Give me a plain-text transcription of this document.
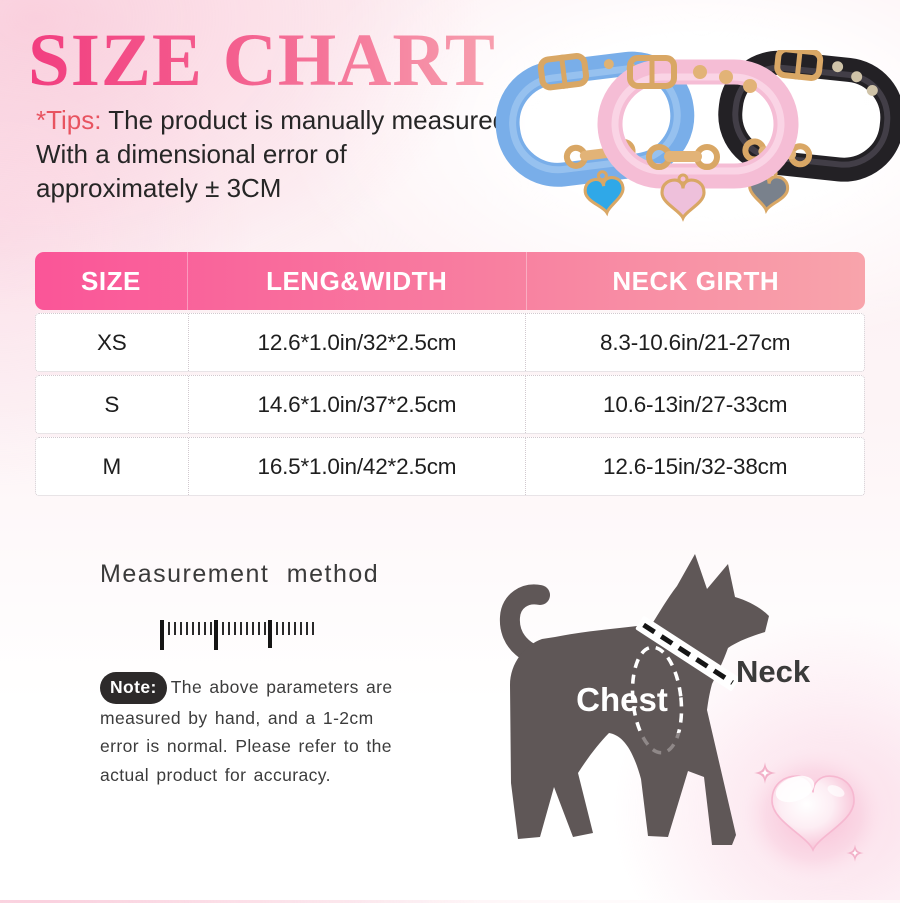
SIZE CHART

*Tips: The product is manually measured
With a dimensional error of
approximately ± 3CM

SIZE	LENG&WIDTH	NECK GIRTH
XS	12.6*1.0in/32*2.5cm	8.3-10.6in/21-27cm
S	14.6*1.0in/37*2.5cm	10.6-13in/27-33cm
M	16.5*1.0in/42*2.5cm	12.6-15in/32-38cm
Measurement method

Note: The above parameters are measured by hand, and a 1-2cm error is normal. Please refer to the actual product for accuracy.

Chest
Neck
